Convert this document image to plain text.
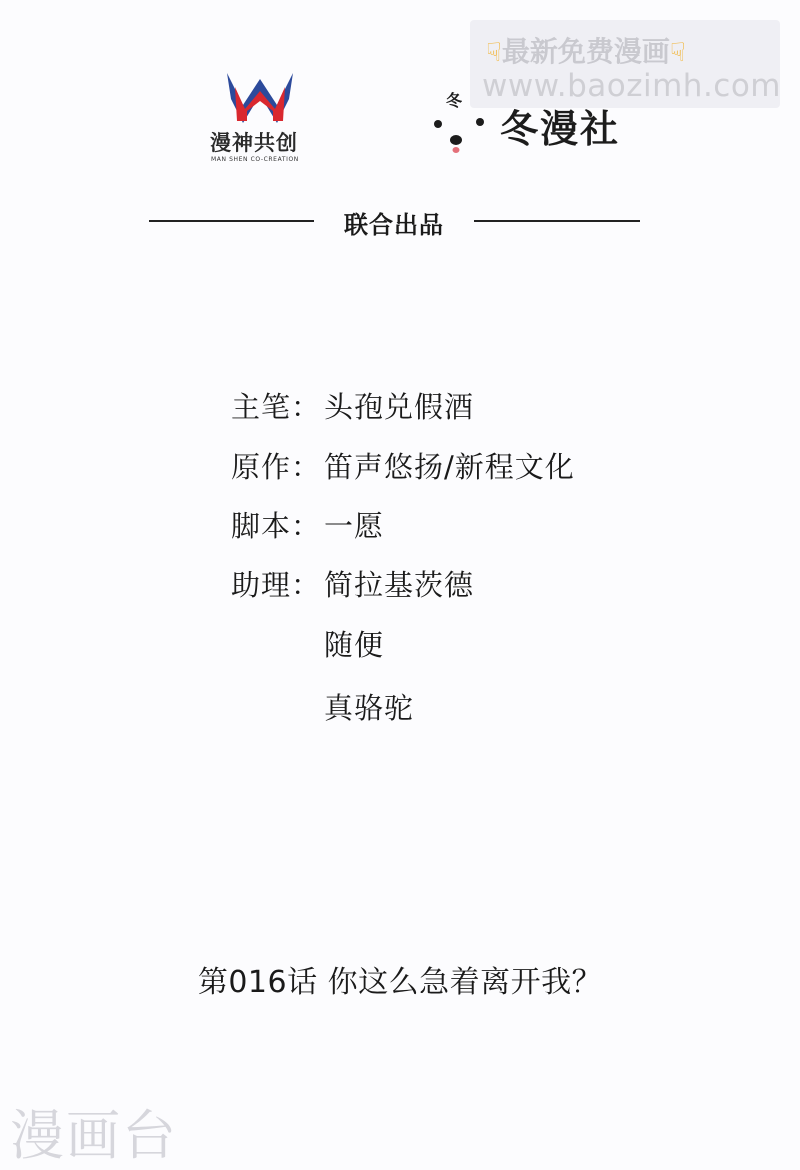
☟最新免费漫画☟
www.baozimh.com
漫神共创
MAN SHEN CO-CREATION
冬
冬漫社
联合出品
主笔： 头孢兑假酒
原作： 笛声悠扬/新程文化
脚本： 一愿
助理： 简拉基茨德
随便
真骆驼
第016话 你这么急着离开我？
漫画台
